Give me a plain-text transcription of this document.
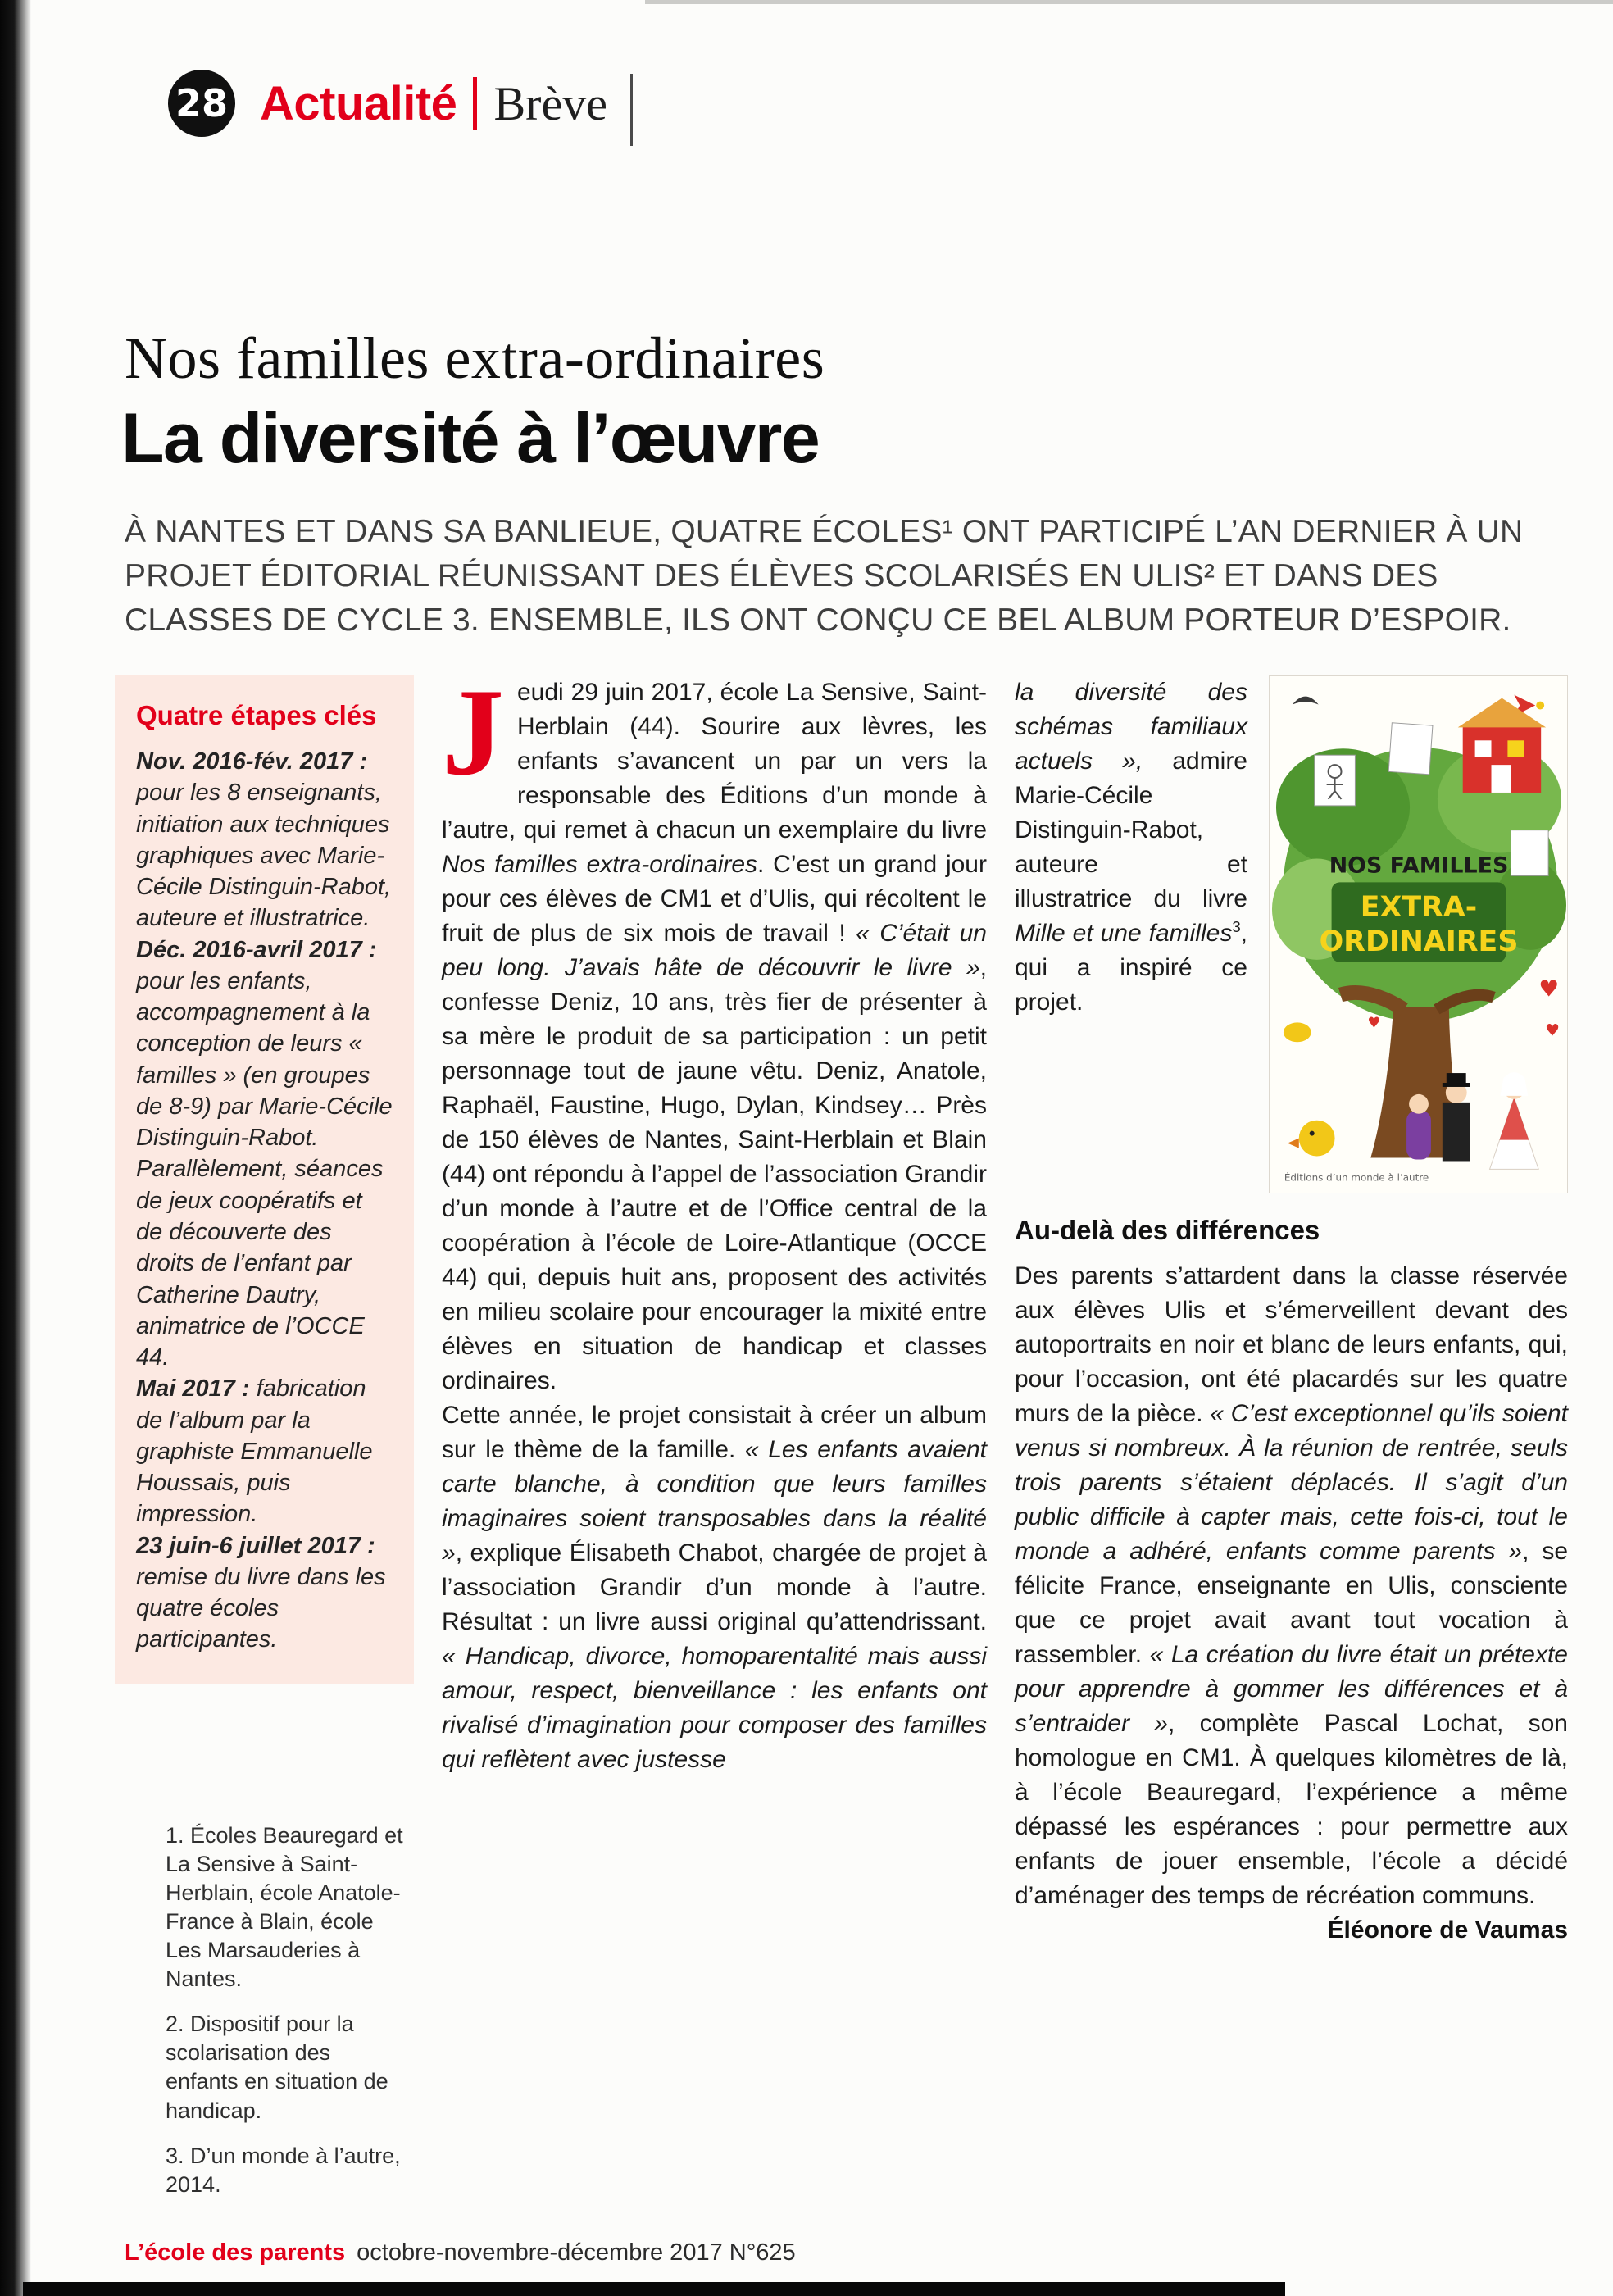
28 Actualité Brève
Nos familles extra-ordinaires
La diversité à l’œuvre

À NANTES ET DANS SA BANLIEUE, QUATRE ÉCOLES¹ ONT PARTICIPÉ L’AN DERNIER À UN PROJET ÉDITORIAL RÉUNISSANT DES ÉLÈVES SCOLARISÉS EN ULIS² ET DANS DES CLASSES DE CYCLE 3. ENSEMBLE, ILS ONT CONÇU CE BEL ALBUM PORTEUR D’ESPOIR.

Quatre étapes clés

Nov. 2016-fév. 2017 : pour les 8 enseignants, initiation aux techniques graphiques avec Marie-Cécile Distinguin-Rabot, auteure et illustratrice.

Déc. 2016-avril 2017 : pour les enfants, accompagnement à la conception de leurs « familles » (en groupes de 8-9) par Marie-Cécile Distinguin-Rabot. Parallèlement, séances de jeux coopératifs et de découverte des droits de l’enfant par Catherine Dautry, animatrice de l’OCCE 44.

Mai 2017 : fabrication de l’album par la graphiste Emmanuelle Houssais, puis impression.

23 juin-6 juillet 2017 : remise du livre dans les quatre écoles participantes.

1. Écoles Beauregard et La Sensive à Saint-Herblain, école Anatole-France à Blain, école Les Marsauderies à Nantes.

2. Dispositif pour la scolarisation des enfants en situation de handicap.

3. D’un monde à l’autre, 2014.

Jeudi 29 juin 2017, école La Sensive, Saint-Herblain (44). Sourire aux lèvres, les enfants s’avancent un par un vers la responsable des Éditions d’un monde à l’autre, qui remet à chacun un exemplaire du livre Nos familles extra-ordinaires. C’est un grand jour pour ces élèves de CM1 et d’Ulis, qui récoltent le fruit de plus de six mois de travail ! « C’était un peu long. J’avais hâte de découvrir le livre », confesse Deniz, 10 ans, très fier de présenter à sa mère le produit de sa participation : un petit personnage tout de jaune vêtu. Deniz, Anatole, Raphaël, Faustine, Hugo, Dylan, Kindsey… Près de 150 élèves de Nantes, Saint-Herblain et Blain (44) ont répondu à l’appel de l’association Grandir d’un monde à l’autre et de l’Office central de la coopération à l’école de Loire-Atlantique (OCCE 44) qui, depuis huit ans, proposent des activités en milieu scolaire pour encourager la mixité entre élèves en situation de handicap et classes ordinaires.

Cette année, le projet consistait à créer un album sur le thème de la famille. « Les enfants avaient carte blanche, à condition que leurs familles imaginaires soient transposables dans la réalité », explique Élisabeth Chabot, chargée de projet à l’association Grandir d’un monde à l’autre. Résultat : un livre aussi original qu’attendrissant. « Handicap, divorce, homoparentalité mais aussi amour, respect, bienveillance : les enfants ont rivalisé d’imagination pour composer des familles qui reflètent avec justesse

NOS FAMILLES
EXTRA-
ORDINAIRES
♥
♥
♥
Éditions d’un monde à l’autre

la diversité des schémas familiaux actuels », admire Marie-Cécile Distinguin-Rabot, auteure et illustratrice du livre Mille et une familles$^3$, qui a inspiré ce projet.

Au-delà des différences

Des parents s’attardent dans la classe réservée aux élèves Ulis et s’émerveillent devant des autoportraits en noir et blanc de leurs enfants, qui, pour l’occasion, ont été placardés sur les quatre murs de la pièce. « C’est exceptionnel qu’ils soient venus si nombreux. À la réunion de rentrée, seuls trois parents s’étaient déplacés. Il s’agit d’un public difficile à capter mais, cette fois-ci, tout le monde a adhéré, enfants comme parents », se félicite France, enseignante en Ulis, consciente que ce projet avait avant tout vocation à rassembler. « La création du livre était un prétexte pour apprendre à gommer les différences et à s’entraider », complète Pascal Lochat, son homologue en CM1. À quelques kilomètres de là, à l’école Beauregard, l’expérience a même dépassé les espérances : pour permettre aux enfants de jouer ensemble, l’école a décidé d’aménager des temps de récréation communs.
Éléonore de Vaumas

L’école des parents octobre-novembre-décembre 2017 N°625
